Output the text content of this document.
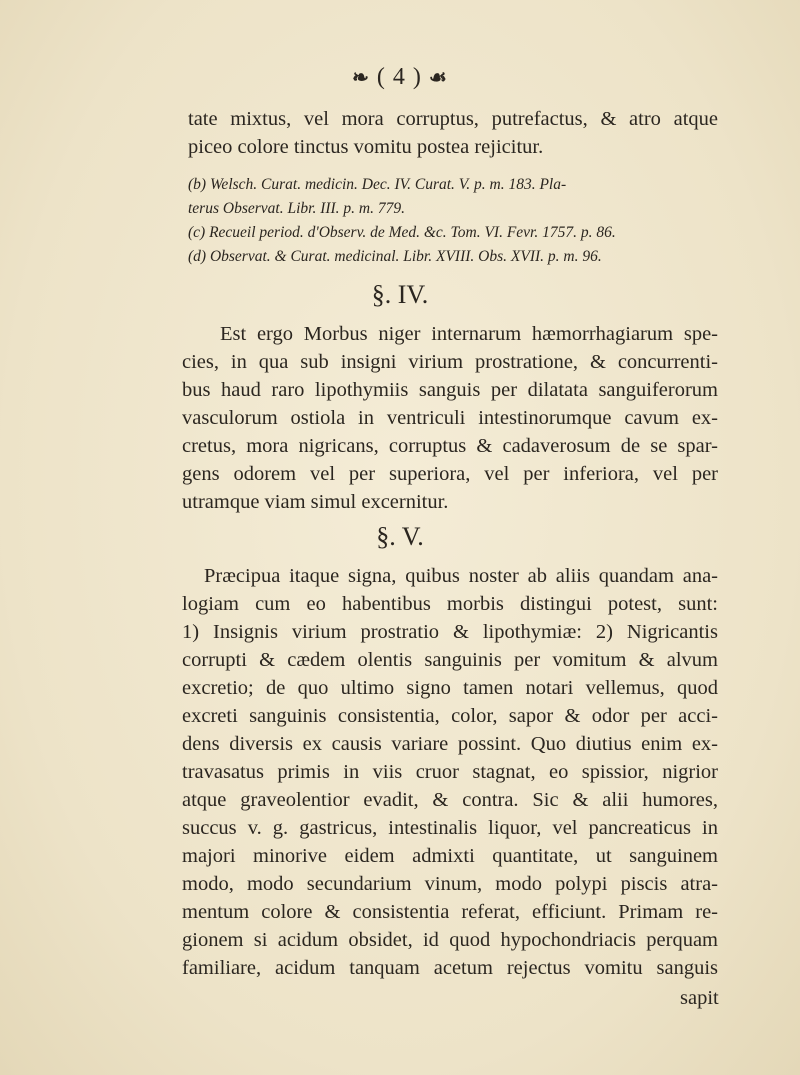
❧ ( 4 ) ☙
tate mixtus, vel mora corruptus, putrefactus, & atro atque
piceo colore tinctus vomitu postea rejicitur.
(b) Welsch. Curat. medicin. Dec. IV. Curat. V. p. m. 183. Pla-
terus Observat. Libr. III. p. m. 779.
(c) Recueil period. d'Observ. de Med. &c. Tom. VI. Fevr. 1757. p. 86.
(d) Observat. & Curat. medicinal. Libr. XVIII. Obs. XVII. p. m. 96.
§. IV.
Est ergo Morbus niger internarum hæmorrhagiarum spe-
cies, in qua sub insigni virium prostratione, & concurrenti-
bus haud raro lipothymiis sanguis per dilatata sanguiferorum
vasculorum ostiola in ventriculi intestinorumque cavum ex-
cretus, mora nigricans, corruptus & cadaverosum de se spar-
gens odorem vel per superiora, vel per inferiora, vel per
utramque viam simul excernitur.
§. V.
Præcipua itaque signa, quibus noster ab aliis quandam ana-
logiam cum eo habentibus morbis distingui potest, sunt:
1) Insignis virium prostratio & lipothymiæ: 2) Nigricantis
corrupti & cædem olentis sanguinis per vomitum & alvum
excretio; de quo ultimo signo tamen notari vellemus, quod
excreti sanguinis consistentia, color, sapor & odor per acci-
dens diversis ex causis variare possint. Quo diutius enim ex-
travasatus primis in viis cruor stagnat, eo spissior, nigrior
atque graveolentior evadit, & contra. Sic & alii humores,
succus v. g. gastricus, intestinalis liquor, vel pancreaticus in
majori minorive eidem admixti quantitate, ut sanguinem
modo, modo secundarium vinum, modo polypi piscis atra-
mentum colore & consistentia referat, efficiunt. Primam re-
gionem si acidum obsidet, id quod hypochondriacis perquam
familiare, acidum tanquam acetum rejectus vomitu sanguis
sapit
